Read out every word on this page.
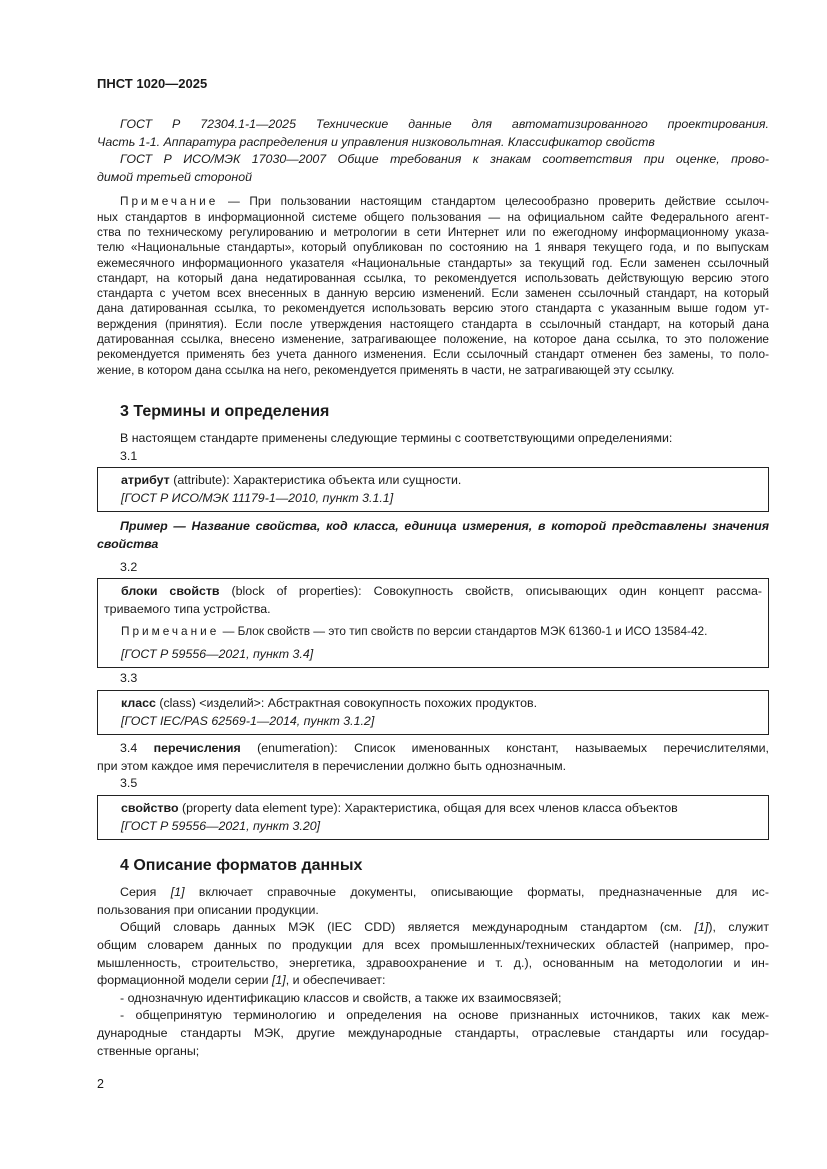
ПНСТ 1020—2025
ГОСТ Р 72304.1-1—2025 Технические данные для автоматизированного проектирования.
Часть 1-1. Аппаратура распределения и управления низковольтная. Классификатор свойств
ГОСТ Р ИСО/МЭК 17030—2007 Общие требования к знакам соответствия при оценке, прово-
димой третьей стороной
Примечание — При пользовании настоящим стандартом целесообразно проверить действие ссылоч-
ных стандартов в информационной системе общего пользования — на официальном сайте Федерального агент-
ства по техническому регулированию и метрологии в сети Интернет или по ежегодному информационному указа-
телю «Национальные стандарты», который опубликован по состоянию на 1 января текущего года, и по выпускам
ежемесячного информационного указателя «Национальные стандарты» за текущий год. Если заменен ссылочный
стандарт, на который дана недатированная ссылка, то рекомендуется использовать действующую версию этого
стандарта с учетом всех внесенных в данную версию изменений. Если заменен ссылочный стандарт, на который
дана датированная ссылка, то рекомендуется использовать версию этого стандарта с указанным выше годом ут-
верждения (принятия). Если после утверждения настоящего стандарта в ссылочный стандарт, на который дана
датированная ссылка, внесено изменение, затрагивающее положение, на которое дана ссылка, то это положение
рекомендуется применять без учета данного изменения. Если ссылочный стандарт отменен без замены, то поло-
жение, в котором дана ссылка на него, рекомендуется применять в части, не затрагивающей эту ссылку.
3 Термины и определения
В настоящем стандарте применены следующие термины с соответствующими определениями:
3.1
атрибут (attribute): Характеристика объекта или сущности.
[ГОСТ Р ИСО/МЭК 11179-1—2010, пункт 3.1.1]
Пример — Название свойства, код класса, единица измерения, в которой представлены значения
свойства
3.2
блоки свойств (block of properties): Совокупность свойств, описывающих один концепт рассма-
триваемого типа устройства.
Примечание — Блок свойств — это тип свойств по версии стандартов МЭК 61360-1 и ИСО 13584-42.
[ГОСТ Р 59556—2021, пункт 3.4]
3.3
класс (class) <изделий>: Абстрактная совокупность похожих продуктов.
[ГОСТ IEC/PAS 62569-1—2014, пункт 3.1.2]
3.4 перечисления (enumeration): Список именованных констант, называемых перечислителями,
при этом каждое имя перечислителя в перечислении должно быть однозначным.
3.5
свойство (property data element type): Характеристика, общая для всех членов класса объектов
[ГОСТ Р 59556—2021, пункт 3.20]
4 Описание форматов данных
Серия [1] включает справочные документы, описывающие форматы, предназначенные для ис-
пользования при описании продукции.
Общий словарь данных МЭК (IEC CDD) является международным стандартом (см. [1]), служит
общим словарем данных по продукции для всех промышленных/технических областей (например, про-
мышленность, строительство, энергетика, здравоохранение и т. д.), основанным на методологии и ин-
формационной модели серии [1], и обеспечивает:
- однозначную идентификацию классов и свойств, а также их взаимосвязей;
- общепринятую терминологию и определения на основе признанных источников, таких как меж-
дународные стандарты МЭК, другие международные стандарты, отраслевые стандарты или государ-
ственные органы;
2
